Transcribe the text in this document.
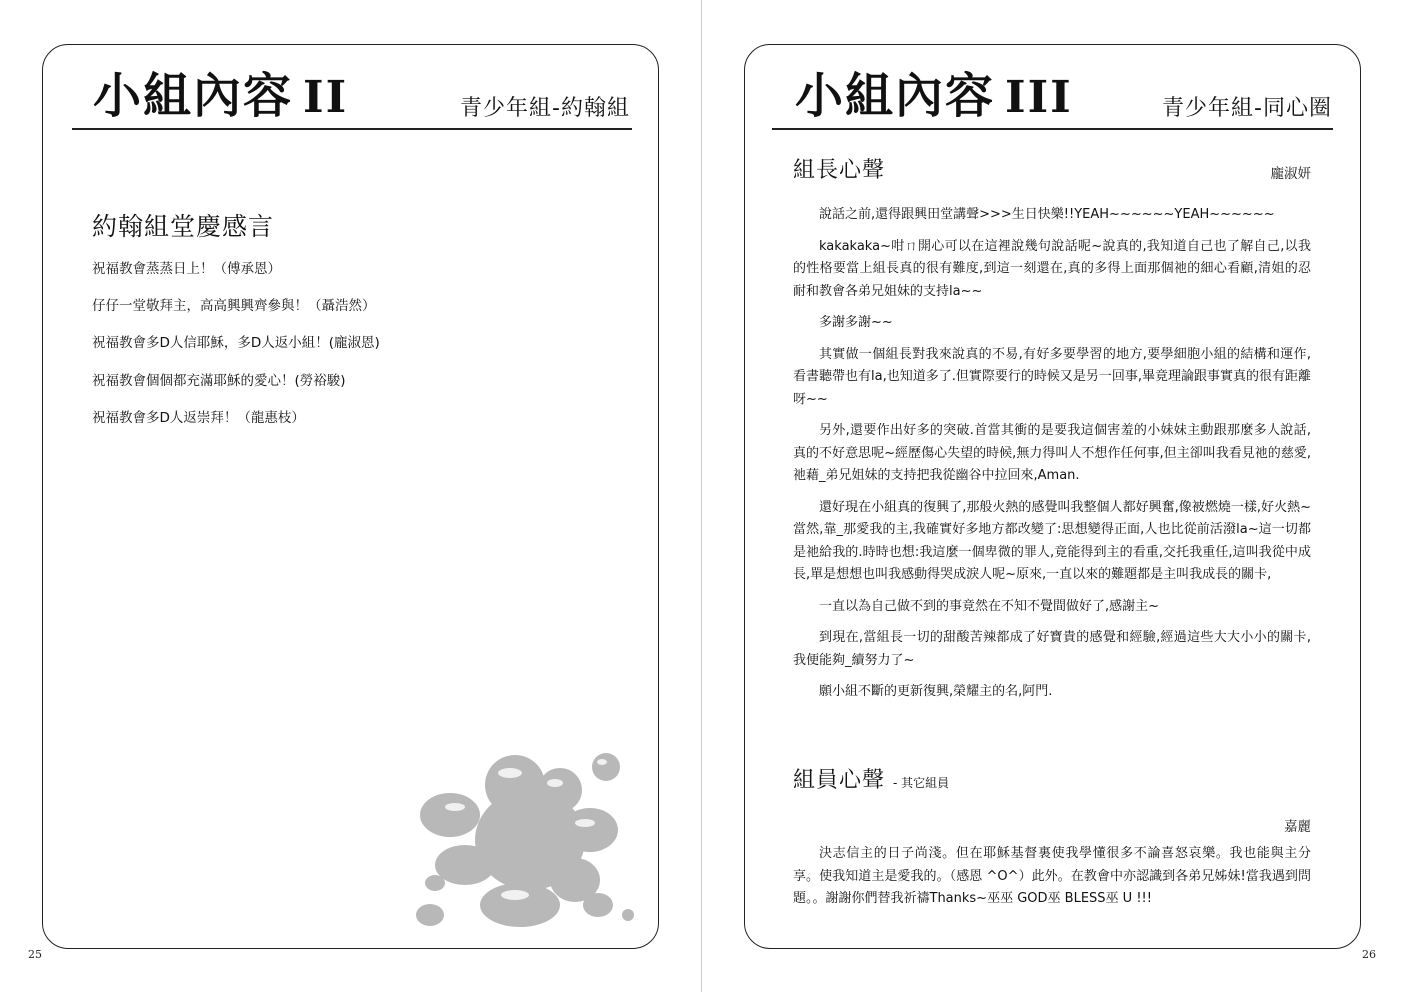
小組內容 II	青少年組-約翰組
約翰組堂慶感言
祝福教會蒸蒸日上！（傅承恩）
仔仔一堂敬拜主，高高興興齊參與！（聶浩然）
祝福教會多D人信耶穌，多D人返小組！(龐淑恩)
祝福教會個個都充滿耶穌的愛心！(勞裕駿)
祝福教會多D人返崇拜！（龍惠枝）
25
小組內容 III	青少年組-同心圈
組長心聲	龐淑妍

說話之前,還得跟興田堂講聲>>>生日快樂!!YEAH~~~~~~YEAH~~~~~~

kakakaka~咁ㄇ開心可以在這裡說幾句說話呢~說真的,我知道自己也了解自己,以我的性格要當上組長真的很有難度,到這一刻還在,真的多得上面那個祂的細心看顧,清姐的忍耐和教會各弟兄姐妹的支持la~~

多謝多謝~~

其實做一個組長對我來說真的不易,有好多要學習的地方,要學細胞小組的結構和運作,看書聽帶也有la,也知道多了.但實際要行的時候又是另一回事,畢竟理論跟事實真的很有距離呀~~

另外,還要作出好多的突破.首當其衝的是要我這個害羞的小妹妹主動跟那麼多人說話,真的不好意思呢~經歷傷心失望的時候,無力得叫人不想作任何事,但主卻叫我看見祂的慈愛,祂藉_弟兄姐妹的支持把我從幽谷中拉回來,Aman.

還好現在小組真的復興了,那般火熱的感覺叫我整個人都好興奮,像被燃燒一樣,好火熱~當然,靠_那愛我的主,我確實好多地方都改變了:思想變得正面,人也比從前活潑la~這一切都是祂給我的.時時也想:我這麼一個卑微的罪人,竟能得到主的看重,交托我重任,這叫我從中成長,單是想想也叫我感動得哭成淚人呢~原來,一直以來的難題都是主叫我成長的關卡,

一直以為自己做不到的事竟然在不知不覺間做好了,感謝主~

到現在,當組長一切的甜酸苦辣都成了好寶貴的感覺和經驗,經過這些大大小小的關卡,我便能夠_續努力了~

願小組不斷的更新復興,榮耀主的名,阿門.

組員心聲 - 其它組員
嘉麗

決志信主的日子尚淺。但在耶穌基督裏使我學懂很多不論喜怒哀樂。我也能與主分享。使我知道主是愛我的。（感恩 ^O^）此外。在教會中亦認識到各弟兄姊妹!當我遇到問題。。謝謝你們替我祈禱Thanks~巫巫 GOD巫 BLESS巫 U !!!

26
